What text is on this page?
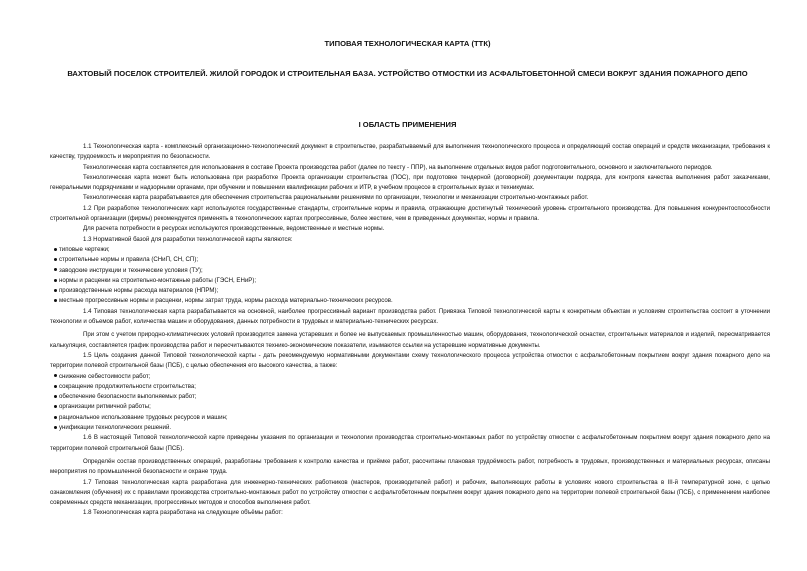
ТИПОВАЯ ТЕХНОЛОГИЧЕСКАЯ КАРТА (ТТК)
ВАХТОВЫЙ ПОСЕЛОК СТРОИТЕЛЕЙ. ЖИЛОЙ ГОРОДОК И СТРОИТЕЛЬНАЯ БАЗА. УСТРОЙСТВО ОТМОСТКИ ИЗ АСФАЛЬТОБЕТОННОЙ СМЕСИ ВОКРУГ ЗДАНИЯ ПОЖАРНОГО ДЕПО
I ОБЛАСТЬ ПРИМЕНЕНИЯ

1.1 Технологическая карта - комплексный организационно-технологический документ в строительстве, разрабатываемый для выполнения технологического процесса и определяющий состав операций и средств механизации, требования к качеству, трудоемкость и мероприятия по безопасности.

Технологическая карта составляется для использования в составе Проекта производства работ (далее по тексту - ППР), на выполнение отдельных видов работ подготовительного, основного и заключительного периодов.

Технологическая карта может быть использована при разработке Проекта организации строительства (ПОС), при подготовке тендерной (договорной) документации подряда, для контроля качества выполнения работ заказчиками, генеральными подрядчиками и надзорными органами, при обучении и повышении квалификации рабочих и ИТР, в учебном процессе в строительных вузах и техникумах.

Технологическая карта разрабатывается для обеспечения строительства рациональными решениями по организации, технологии и механизации строительно-монтажных работ.

1.2 При разработке технологических карт используются государственные стандарты, строительные нормы и правила, отражающие достигнутый технический уровень строительного производства. Для повышения конкурентоспособности строительной организации (фирмы) рекомендуется применять в технологических картах прогрессивные, более жесткие, чем в приведенных документах, нормы и правила.

Для расчета потребности в ресурсах используются производственные, ведомственные и местные нормы.

1.3 Нормативной базой для разработки технологической карты являются:

типовые чертежи;

строительные нормы и правила (СНиП, СН, СП);

заводские инструкции и технические условия (ТУ);

нормы и расценки на строительно-монтажные работы (ГЭСН, ЕНиР);

производственные нормы расхода материалов (НПРМ);

местные прогрессивные нормы и расценки, нормы затрат труда, нормы расхода материально-технических ресурсов.

1.4 Типовая технологическая карта разрабатывается на основной, наиболее прогрессивный вариант производства работ. Привязка Типовой технологической карты к конкретным объектам и условиям строительства состоит в уточнении технологии и объемов работ, количества машин и оборудования, данных потребности в трудовых и материально-технических ресурсах.

При этом с учетом природно-климатических условий производится замена устаревших и более не выпускаемых промышленностью машин, оборудования, технологической оснастки, строительных материалов и изделий, пересматривается калькуляция, составляется график производства работ и пересчитываются технико-экономические показатели, изымаются ссылки на устаревшие нормативные документы.

1.5 Цель создания данной Типовой технологической карты - дать рекомендуемую нормативными документами схему технологического процесса устройства отмостки с асфальтобетонным покрытием вокруг здания пожарного депо на территории полевой строительной базы (ПСБ), с целью обеспечения его высокого качества, а также:

снижение себестоимости работ;

сокращение продолжительности строительства;

обеспечение безопасности выполняемых работ;

организации ритмичной работы;

рациональное использование трудовых ресурсов и машин;

унификации технологических решений.

1.6 В настоящей Типовой технологической карте приведены указания по организации и технологии производства строительно-монтажных работ по устройству отмостки с асфальтобетонным покрытием вокруг здания пожарного депо на территории полевой строительной базы (ПСБ).

Определён состав производственных операций, разработаны требования к контролю качества и приёмке работ, рассчитаны плановая трудоёмкость работ, потребность в трудовых, производственных и материальных ресурсах, описаны мероприятия по промышленной безопасности и охране труда.

1.7 Типовая технологическая карта разработана для инженерно-технических работников (мастеров, производителей работ) и рабочих, выполняющих работы в условиях нового строительства в III-й температурной зоне, с целью ознакомления (обучения) их с правилами производства строительно-монтажных работ по устройству отмостки с асфальтобетонным покрытием вокруг здания пожарного депо на территории полевой строительной базы (ПСБ), с применением наиболее современных средств механизации, прогрессивных методов и способов выполнения работ.

1.8 Технологическая карта разработана на следующие объёмы работ:
